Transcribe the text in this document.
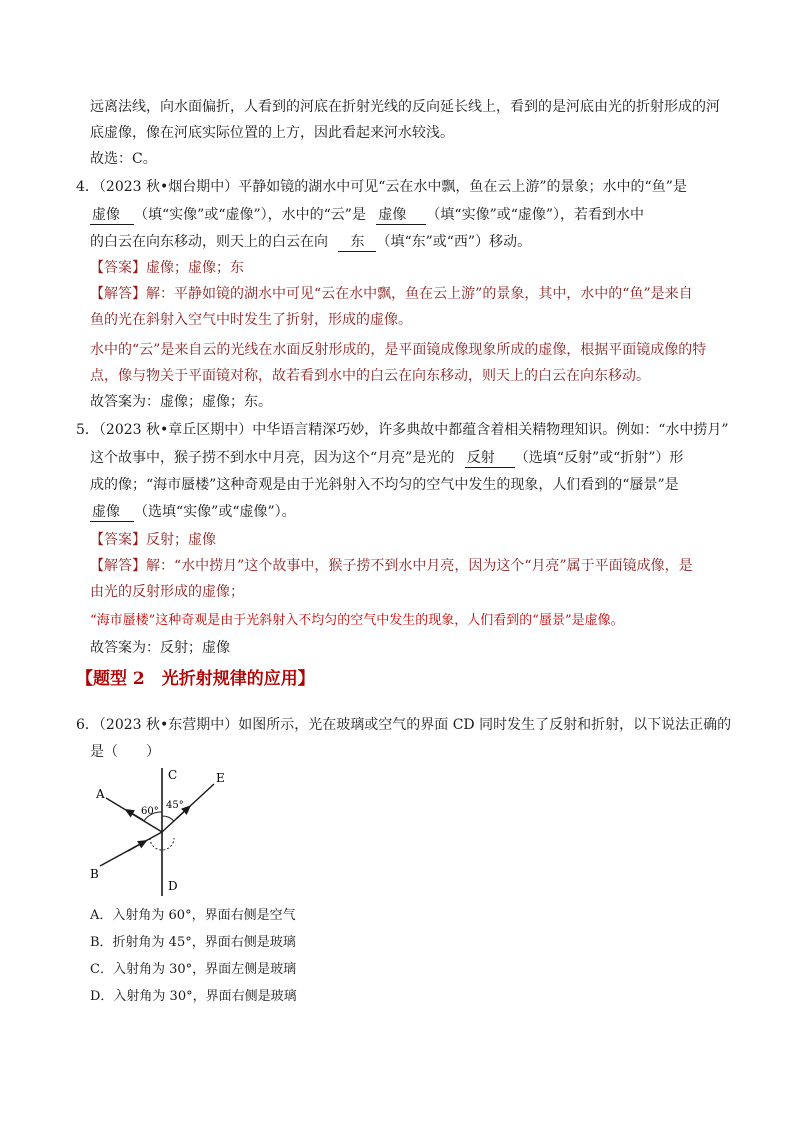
远离法线，向水面偏折，人看到的河底在折射光线的反向延长线上，看到的是河底由光的折射形成的河
底虚像，像在河底实际位置的上方，因此看起来河水较浅。
故选：C。
4．（2023 秋•烟台期中）平静如镜的湖水中可见“云在水中飘，鱼在云上游”的景象；水中的“鱼”是
虚像 （填“实像”或“虚像”），水中的“云”是 虚像 （填“实像”或“虚像”），若看到水中
的白云在向东移动，则天上的白云在向 东 （填“东”或“西”）移动。
【答案】虚像；虚像；东
【解答】解：平静如镜的湖水中可见“云在水中飘，鱼在云上游”的景象，其中，水中的“鱼”是来自
鱼的光在斜射入空气中时发生了折射，形成的虚像。
水中的“云”是来自云的光线在水面反射形成的，是平面镜成像现象所成的虚像，根据平面镜成像的特
点，像与物关于平面镜对称，故若看到水中的白云在向东移动，则天上的白云在向东移动。
故答案为：虚像；虚像；东。
5．（2023 秋•章丘区期中）中华语言精深巧妙，许多典故中都蕴含着相关精物理知识。例如：“水中捞月”
这个故事中，猴子捞不到水中月亮，因为这个“月亮”是光的 反射 （选填“反射”或“折射”）形
成的像；“海市蜃楼”这种奇观是由于光斜射入不均匀的空气中发生的现象，人们看到的“蜃景”是
虚像 （选填“实像”或“虚像”）。
【答案】反射；虚像
【解答】解：“水中捞月”这个故事中，猴子捞不到水中月亮，因为这个“月亮”属于平面镜成像，是
由光的反射形成的虚像；
“海市蜃楼”这种奇观是由于光斜射入不均匀的空气中发生的现象，人们看到的“蜃景”是虚像。
故答案为：反射；虚像
【题型 2　光折射规律的应用】
6．（2023 秋•东营期中）如图所示，光在玻璃或空气的界面 CD 同时发生了反射和折射，以下说法正确的
是（　　）
A
B
C
D
E
60°
45°
A．入射角为 60°，界面右侧是空气
B．折射角为 45°，界面右侧是玻璃
C．入射角为 30°，界面左侧是玻璃
D．入射角为 30°，界面右侧是玻璃
